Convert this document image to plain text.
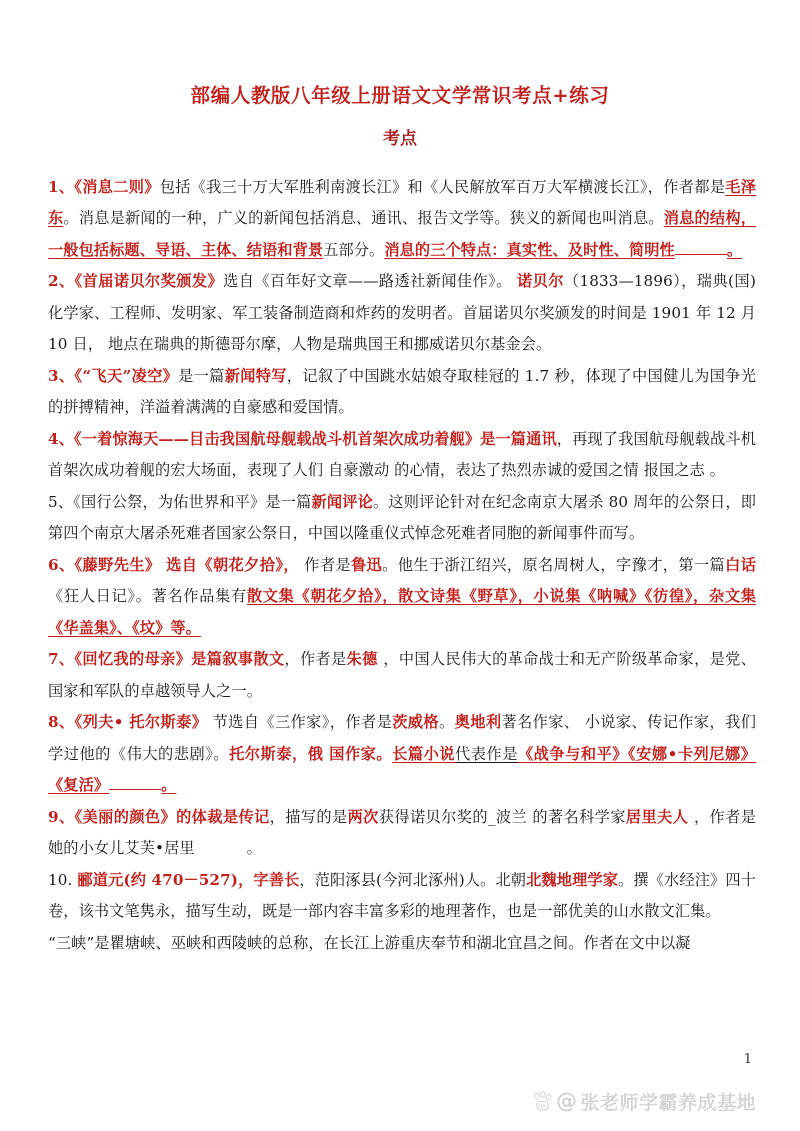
部编人教版八年级上册语文文学常识考点+练习
考点

1、《消息二则》包括《我三十万大军胜利南渡长江》和《人民解放军百万大军横渡长江》，作者都是毛泽东。消息是新闻的一种，广义的新闻包括消息、通讯、报告文学等。狭义的新闻也叫消息。消息的结构，一般包括标题、导语、主体、结语和背景五部分。消息的三个特点：真实性、及时性、简明性	。

2、《首届诺贝尔奖颁发》选自《百年好文章——路透社新闻佳作》。 诺贝尔（1833—1896），瑞典(国)化学家、工程师、发明家、军工装备制造商和炸药的发明者。首届诺贝尔奖颁发的时间是 1901 年 12 月 10 日， 地点在瑞典的斯德哥尔摩，人物是瑞典国王和挪威诺贝尔基金会。

3、《“飞天”凌空》是一篇新闻特写，记叙了中国跳水姑娘夺取桂冠的 1.7 秒，体现了中国健儿为国争光的拼搏精神，洋溢着满满的自豪感和爱国情。

4、《一着惊海天——目击我国航母舰载战斗机首架次成功着舰》是一篇通讯，再现了我国航母舰载战斗机首架次成功着舰的宏大场面，表现了人们 自豪激动 的心情，表达了热烈赤诚的爱国之情 报国之志 。

5、《国行公祭，为佑世界和平》是一篇新闻评论。这则评论针对在纪念南京大屠杀 80 周年的公祭日，即第四个南京大屠杀死难者国家公祭日，中国以隆重仪式悼念死难者同胞的新闻事件而写。

6、《藤野先生》 选自《朝花夕拾》， 作者是鲁迅。他生于浙江绍兴，原名周树人，字豫才，第一篇白话 《狂人日记》。著名作品集有散文集《朝花夕拾》，散文诗集《野草》，小说集《呐喊》《彷徨》，杂文集《华盖集》、《坟》等。

7、《回忆我的母亲》是篇叙事散文，作者是朱德 ，中国人民伟大的革命战士和无产阶级革命家，是党、国家和军队的卓越领导人之一。

8、《列夫• 托尔斯泰》 节选自《三作家》，作者是茨威格。奥地利著名作家、 小说家、传记作家，我们学过他的《伟大的悲剧》。托尔斯泰，俄 国作家。长篇小说代表作是《战争与和平》《安娜•卡列尼娜》《复活》	。

9、《美丽的颜色》的体裁是传记，描写的是两次获得诺贝尔奖的_波兰 的著名科学家居里夫人 ，作者是她的小女儿艾芙•居里	。

10. 郦道元(约 470－527)，字善长，范阳涿县(今河北涿州)人。北朝北魏地理学家。撰《水经注》四十卷，该书文笔隽永，描写生动，既是一部内容丰富多彩的地理著作，也是一部优美的山水散文汇集。

“三峡”是瞿塘峡、巫峡和西陵峡的总称，在长江上游重庆奉节和湖北宜昌之间。作者在文中以凝

1
du @ 张老师学霸养成基地
